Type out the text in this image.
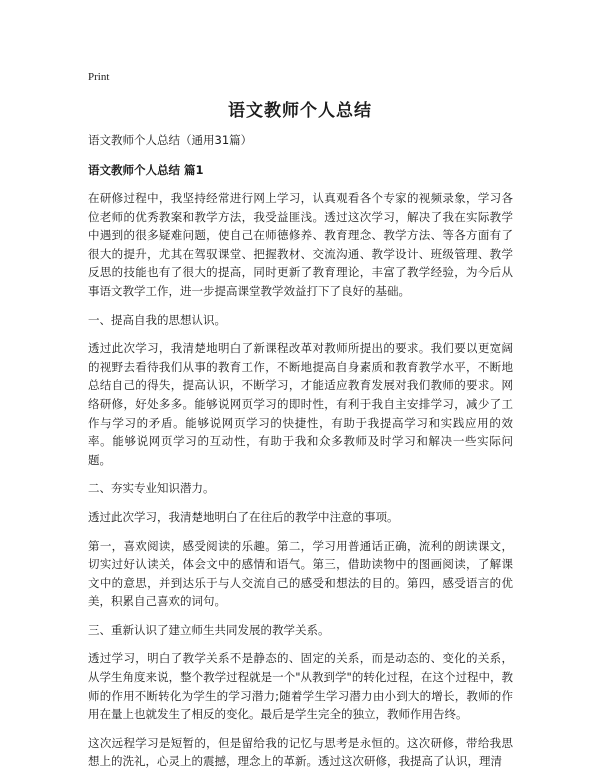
Print
语文教师个人总结

语文教师个人总结（通用31篇）

语文教师个人总结 篇1

在研修过程中，我坚持经常进行网上学习，认真观看各个专家的视频录象，学习各位老师的优秀教案和教学方法，我受益匪浅。透过这次学习，解决了我在实际教学中遇到的很多疑难问题，使自己在师德修养、教育理念、教学方法、等各方面有了很大的提升，尤其在驾驭课堂、把握教材、交流沟通、教学设计、班级管理、教学反思的技能也有了很大的提高，同时更新了教育理论，丰富了教学经验，为今后从事语文教学工作，进一步提高课堂教学效益打下了良好的基础。

一、提高自我的思想认识。

透过此次学习，我清楚地明白了新课程改革对教师所提出的要求。我们要以更宽阔的视野去看待我们从事的教育工作，不断地提高自身素质和教育教学水平，不断地总结自己的得失，提高认识，不断学习，才能适应教育发展对我们教师的要求。网络研修，好处多多。能够说网页学习的即时性，有利于我自主安排学习，减少了工作与学习的矛盾。能够说网页学习的快捷性，有助于我提高学习和实践应用的效率。能够说网页学习的互动性，有助于我和众多教师及时学习和解决一些实际问题。

二、夯实专业知识潜力。

透过此次学习，我清楚地明白了在往后的教学中注意的事项。

第一，喜欢阅读，感受阅读的乐趣。第二，学习用普通话正确，流利的朗读课文，切实过好认读关，体会文中的感情和语气。第三，借助读物中的图画阅读，了解课文中的意思，并到达乐于与人交流自己的感受和想法的目的。第四，感受语言的优美，积累自己喜欢的词句。

三、重新认识了建立师生共同发展的教学关系。

透过学习，明白了教学关系不是静态的、固定的关系，而是动态的、变化的关系，从学生角度来说，整个教学过程就是一个"从教到学"的转化过程，在这个过程中，教师的作用不断转化为学生的学习潜力;随着学生学习潜力由小到大的增长，教师的作用在量上也就发生了相反的变化。最后是学生完全的独立，教师作用告终。

这次远程学习是短暂的，但是留给我的记忆与思考是永恒的。这次研修，带给我思想上的洗礼，心灵上的震撼，理念上的革新。透过这次研修，我提高了认识，理清
